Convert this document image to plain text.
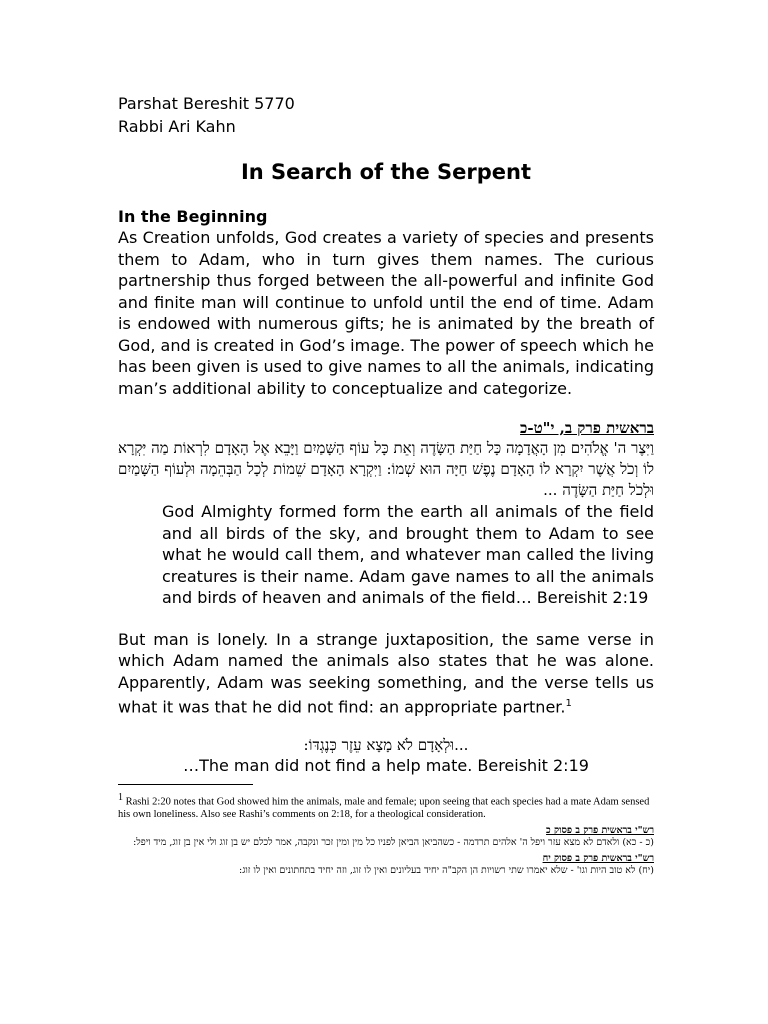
Parshat Bereshit 5770
Rabbi Ari Kahn
In Search of the Serpent
In the Beginning

As Creation unfolds, God creates a variety of species and presents them to Adam, who in turn gives them names. The curious partnership thus forged between the all-powerful and infinite God and finite man will continue to unfold until the end of time. Adam is endowed with numerous gifts; he is animated by the breath of God, and is created in God’s image. The power of speech which he has been given is used to give names to all the animals, indicating man’s additional ability to conceptualize and categorize.

בראשית פרק ב, י"ט-כ

וַיִּצֶר ה' אֱלֹהִים מִן הָאֲדָמָה כָּל חַיַּת הַשָּׂדֶה וְאֵת כָּל עוֹף הַשָּׁמַיִם וַיָּבֵא אֶל הָאָדָם לִרְאוֹת מַה יִּקְרָא לוֹ וְכֹל אֲשֶׁר יִקְרָא לוֹ הָאָדָם נֶפֶשׁ חַיָּה הוּא שְׁמוֹ: וַיִּקְרָא הָאָדָם שֵׁמוֹת לְכָל הַבְּהֵמָה וּלְעוֹף הַשָּׁמַיִם וּלְכֹל חַיַּת הַשָּׂדֶה ...

God Almighty formed form the earth all animals of the field and all birds of the sky, and brought them to Adam to see what he would call them, and whatever man called the living creatures is their name. Adam gave names to all the animals and birds of heaven and animals of the field… Bereishit 2:19

But man is lonely. In a strange juxtaposition, the same verse in which Adam named the animals also states that he was alone. Apparently, Adam was seeking something, and the verse tells us what it was that he did not find: an appropriate partner.$^1$

...וּלְאָדָם לֹא מָצָא עֵזֶר כְּנֶגְדּוֹ:

…The man did not find a help mate. Bereishit 2:19

1 Rashi 2:20 notes that God showed him the animals, male and female; upon seeing that each species had a mate Adam sensed his own loneliness. Also see Rashi’s comments on 2:18, for a theological consideration.

רש"י בראשית פרק ב פסוק כ

(כ - כא) ולאדם לא מצא עזר ויפל ה' אלהים תרדמה - כשהביאן הביאן לפניו כל מין ומין זכר ונקבה, אמר לכלם יש בן זוג ולי אין בן זוג, מיד ויפל:

רש"י בראשית פרק ב פסוק יח

(יח) לא טוב היות וגו' - שלא יאמרו שתי רשויות הן הקב"ה יחיד בעליונים ואין לו זוג, וזה יחיד בתחתונים ואין לו זוג:
